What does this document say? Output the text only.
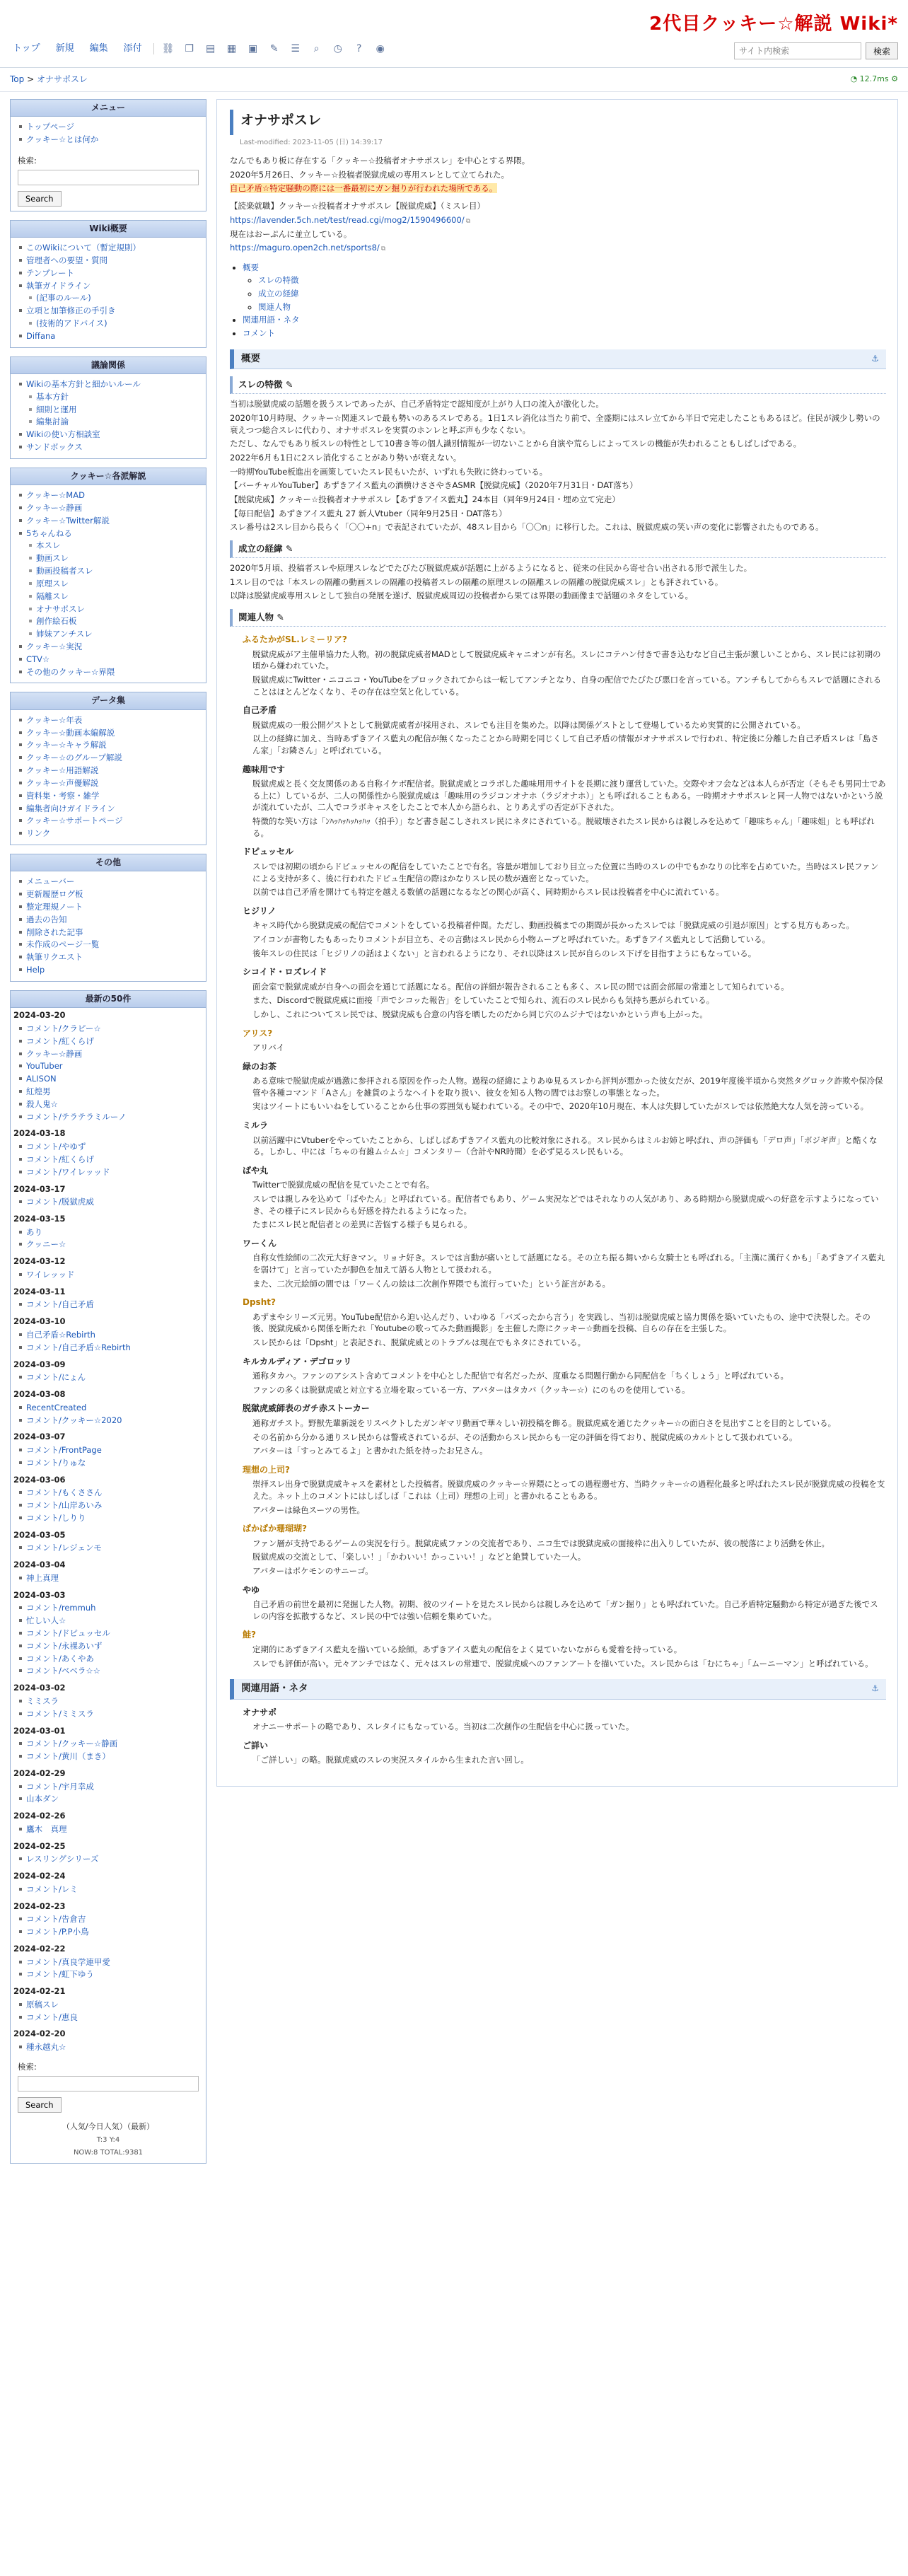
トップ	新規	編集	添付	⛓ ❐ ▤ ▦ ▣ ✎ ☰	⌕	◷	?	◉
2代目クッキー☆解説 Wiki*
サイト内検索
検索
Top > オナサポスレ	◔ 12.7ms ⚙
メニュー
トップページ
クッキー☆とは何か
検索:
Search
Wiki概要
このWikiについて（暫定規則）
管理者への要望・質問
テンプレート
執筆ガイドライン
(記事のルール)
立項と加筆修正の手引き
(技術的アドバイス)
Diffana
議論関係
Wikiの基本方針と細かいルール
基本方針
細則と運用
編集討論
Wikiの使い方相談室
サンドボックス
クッキー☆各派解説
クッキー☆MAD
クッキー☆静画
クッキー☆Twitter解説
5ちゃんねる
本スレ
動画スレ
動画投稿者スレ
原理スレ
隔離スレ
オナサポスレ
創作絵石板
姉妹アンチスレ
クッキー☆実況
CTV☆
その他のクッキー☆界隈
データ集
クッキー☆年表
クッキー☆動画本編解説
クッキー☆キャラ解説
クッキー☆のグループ解説
クッキー☆用語解説
クッキー☆声優解説
資料集・考察・雑学
編集者向けガイドライン
クッキー☆サポートページ
リンク
その他
メニューバー
更新履歴ログ板
整定理規ノート
過去の告知
削除された記事
未作成のページ一覧
執筆リクエスト
Help
最新の50件
2024-03-20
コメント/クラピー☆
コメント/紅くらげ
クッキー☆静画
YouTuber
ALISON
紅煌男
殺人鬼☆
コメント/テラテラミルーノ
2024-03-18
コメント/やゆず
コメント/紅くらげ
コメント/ワイレッッド
2024-03-17
コメント/脱獄虎威
2024-03-15
あり
クッニー☆
2024-03-12
ワイレッッド
2024-03-11
コメント/自己矛盾
2024-03-10
自己矛盾☆Rebirth
コメント/自己矛盾☆Rebirth
2024-03-09
コメント/にょん
2024-03-08
RecentCreated
コメント/クッキー☆2020
2024-03-07
コメント/FrontPage
コメント/りゅな
2024-03-06
コメント/もくささん
コメント/山岸あいみ
コメント/しりり
2024-03-05
コメント/レジェンモ
2024-03-04
神上真理
2024-03-03
コメント/remmuh
忙しい人☆
コメント/ドピュッセル
コメント/永裸あいず
コメント/あくやあ
コメント/ベベラ☆☆
2024-03-02
ミミスラ
コメント/ミミスラ
2024-03-01
コメント/クッキー☆静画
コメント/黄川（まき）
2024-02-29
コメント/宇月幸成
山本ダン
2024-02-26
鷹木　真理
2024-02-25
レスリングシリーズ
2024-02-24
コメント/レミ
2024-02-23
コメント/告倉吉
コメント/P.P小鳥
2024-02-22
コメント/真良学連甲愛
コメント/虹下ゆう
2024-02-21
原稿スレ
コメント/恵良
2024-02-20
種永越丸☆
検索:
Search
（人気/今日人気）（最新）
T:3 Y:4
NOW:8 TOTAL:9381
オナサポスレ
Last-modified: 2023-11-05 (日) 14:39:17

なんでもあり板に存在する「クッキー☆投稿者オナサポスレ」を中心とする界隈。

2020年5月26日、クッキー☆投稿者脱獄虎威の専用スレとして立てられた。

自己矛盾☆特定騒動の際には一番最初にガン掘りが行われた場所である。

【読楽就職】クッキー☆投稿者オナサポスレ【脱獄虎威】（ミスレ目）

https://lavender.5ch.net/test/read.cgi/mog2/1590496600/ ⧉

現在はおーぷんに並立している。

https://maguro.open2ch.net/sports8/ ⧉

• 概要
◦ スレの特徴
◦ 成立の経緯
◦ 関連人物
• 関連用語・ネタ
• コメント
概要	⚓
スレの特徴 ✎

当初は脱獄虎威の話題を扱うスレであったが、自己矛盾特定で認知度が上がり人口の流入が激化した。

2020年10月時現、クッキー☆関連スレで最も勢いのあるスレである。1日1スレ消化は当たり前で、全盛期にはスレ立てから半日で完走したこともあるほど。住民が減少し勢いの衰えつつ総合スレに代わり、オナサポスレを実質のホンレと呼ぶ声も少なくない。

ただし、なんでもあり板スレの特性として10書き等の個人識別情報が一切ないことから自演や荒らしによってスレの機能が失われることもしばしばである。

2022年6月も1日に2スレ消化することがあり勢いが衰えない。

一時期YouTube板進出を画策していたスレ民もいたが、いずれも失敗に終わっている。

【バーチャルYouTuber】あずきアイス藍丸の酒横けささやきASMR【脱獄虎威】（2020年7月31日・DAT落ち）

【脱獄虎威】クッキー☆投稿者オナサポスレ【あずきアイス藍丸】24本目（同年9月24日・埋め立て完走）

【毎日配信】あずきアイス藍丸 27 新人Vtuber（同年9月25日・DAT落ち）

スレ番号は2スレ目から長らく「〇〇+n」で表記されていたが、48スレ目から「〇〇n」に移行した。これは、脱獄虎威の笑い声の変化に影響されたものである。

成立の経緯 ✎

2020年5月頃、投稿者スレや原理スレなどでたびたび脱獄虎威が話題に上がるようになると、従来の住民から寄せ合い出される形で派生した。

1スレ目のでは「本スレの隔離の動画スレの隔離の投稿者スレの隔離の原理スレの隔離スレの隔離の脱獄虎威スレ」とも評されている。

以降は脱獄虎威専用スレとして独自の発展を遂げ、脱獄虎威周辺の投稿者から果ては界隈の動画像まで話題のネタをしている。

関連人物 ✎
ふるたかがSL.レミーリア?

脱獄虎威がア主催単協力た人物。初の脱獄虎威者MADとして脱獄虎威キャニオンが有名。スレにコテハン付きで書き込むなど自己主張が激しいことから、スレ民には初期の頃から嫌われていた。

脱獄虎威にTwitter・ニコニコ・YouTubeをブロックされてからは一転してアンチとなり、自身の配信でたびたび悪口を言っている。アンチもしてからもスレで話題にされることはほとんどなくなり、その存在は空気と化している。

自己矛盾

脱獄虎威の一般公開ゲストとして脱獄虎威者が採用され、スレでも注目を集めた。以降は関係ゲストとして登場しているため実質的に公開されている。

以上の経緯に加え、当時あずきアイス藍丸の配信が無くなったことから時期を同じくして自己矛盾の情報がオナサポスレで行われ、特定後に分離した自己矛盾スレは「島さん家」「お隣さん」と呼ばれている。

趣味用です

脱獄虎威と長く交友関係のある自称イケボ配信者。脱獄虎威とコラボした趣味用用サイトを長期に渡り運営していた。交際やオフ会などは本人らが否定（そもそも男同士である上に）しているが、二人の関係性から脱獄虎威は「趣味用のラジコンオナホ（ラジオナホ）」とも呼ばれることもある。一時期オナサポスレと同一人物ではないかという説が流れていたが、二人でコラボキャスをしたことで本人から語られ、とりあえずの否定が下された。

特徴的な笑い方は「ﾝﾊｯﾊｯﾊｯﾊｯﾊｯ（拍手）」など書き起こしされスレ民にネタにされている。脱破壊されたスレ民からは親しみを込めて「趣味ちゃん」「趣味姐」とも呼ばれる。

ドピュッセル

スレでは初期の頃からドピュッセルの配信をしていたことで有名。容量が増加しており目立った位置に当時のスレの中でもかなりの比率を占めていた。当時はスレ民ファンによる支持が多く、後に行われたドピュ生配信の際はかなりスレ民の数が過密となっていた。

以前では自己矛盾を開けても特定を越える数値の話題になるなどの関心が高く、同時期からスレ民は投稿者を中心に流れている。

ヒジリノ

キャス時代から脱獄虎威の配信でコメントをしている投稿者仲間。ただし、動画投稿までの期間が長かったスレでは「脱獄虎威の引退が原因」とする見方もあった。

アイコンが書物したもあったりコメントが目立ち、その言動はスレ民から小物ムーブと呼ばれていた。あずきアイス藍丸として活動している。

後年スレの住民は「ヒジリノの話はよくない」と言われるようになり、それ以降はスレ民が自らのレス下げを目指すようにもなっている。

シコイド・ロズレイド

面会室で脱獄虎威が自身への面会を通じて話題になる。配信の詳細が報告されることも多く、スレ民の間では面会部屋の常連として知られている。

また、Discordで脱獄虎威に面接「声でシコッた報告」をしていたことで知られ、流石のスレ民からも気持ち悪がられている。

しかし、これについてスレ民では、脱獄虎威も合意の内容を晒したのだから同じ穴のムジナではないかという声も上がった。

アリス?

アリバイ

緑のお茶

ある意味で脱獄虎威が過激に参拝される原因を作った人物。過程の経緯によりあゆ見るスレから評判が悪かった彼女だが、2019年度後半頃から突然タグロック詐欺や保冷保管や各種コマンド「Aさん」を雑貨のようなヘイトを取り扱い、彼女を知る人物の間ではお察しの事態となった。

実はツイートにもいいねをしていることから仕事の雰囲気も疑われている。その中で、2020年10月現在、本人は失脚していたがスレでは依然絶大な人気を誇っている。

ミルラ

以前活躍中にVtuberをやっていたことから、しばしばあずきアイス藍丸の比較対象にされる。スレ民からはミルお姉と呼ばれ、声の評価も「デロ声」「ボジギ声」と酷くなる。しかし、中には「ちゃの有雑ム☆ム☆」コメンタリー（合計やNR時間）を必ず見るスレ民もいる。

ばや丸

Twitterで脱獄虎威の配信を見ていたことで有名。

スレでは親しみを込めて「ばやたん」と呼ばれている。配信者でもあり、ゲーム実況などではそれなりの人気があり、ある時期から脱獄虎威への好意を示すようになっていき、その様子にスレ民からも好感を持たれるようになった。

たまにスレ民と配信者との差異に苦悩する様子も見られる。

ワーくん

自称女性絵師の二次元大好きマン。リョナ好き。スレでは言動が痛いとして話題になる。その立ち振る舞いから女騎士とも呼ばれる。「主漢に漢行くかも」「あずきアイス藍丸を弱けて」と言っていたが脚色を加えて語る人物として扱われる。

また、二次元絵師の間では「ワーくんの絵は二次創作界隈でも流行っていた」という証言がある。

Dpsht?

あずまやシリーズ元男。YouTube配信から迫い込んだり、いわゆる「バズったから言う」を実践し、当初は脱獄虎威と協力関係を築いていたもの、途中で決裂した。その後、脱獄虎威から関係を断たれ「Youtubeの歌ってみた動画撮影」を主催した際にクッキー☆動画を投稿、自らの存在を主張した。

スレ民からは「Dpsht」と表記され、脱獄虎威とのトラブルは現在でもネタにされている。

キルカルディア・デゴロッリ

通称タカハ。ファンのアシスト含めてコメントを中心とした配信で有名だったが、度重なる問題行動から同配信を「ちくしょう」と呼ばれている。

ファンの多くは脱獄虎威と対立する立場を取っている一方、アバターはタカバ（クッキー☆）にのものを使用している。

脱獄虎威師表のガチ赤ストーカー

通称ガチスト。野獣先輩新説をリスペクトしたガンギマリ動画で華々しい初投稿を飾る。脱獄虎威を通じたクッキー☆の面白さを見出すことを目的としている。

その名前から分かる通りスレ民からは警戒されているが、その活動からスレ民からも一定の評価を得ており、脱獄虎威のカルトとして扱われている。

アバターは「すっとみてるよ」と書かれた紙を持ったお兄さん。

理想の上司?

崇拝スレ出身で脱獄虎威キャスを素材とした投稿者。脱獄虎威のクッキー☆界隈にとっての過程遡せ方、当時クッキー☆の過程化最多と呼ばれたスレ民が脱獄虎威の投稿を支えた。ネット上のコメントにはしばしば「これは（上司）理想の上司」と書かれることもある。

アバターは緑色スーツの男性。

ぱかぱか珊瑚瑚?

ファン層が支持であるゲームの実況を行う。脱獄虎威ファンの交流者であり、ニコ生では脱獄虎威の面接枠に出入りしていたが、彼の脱落により活動を休止。

脱獄虎威の交流として、「楽しい！」「かわいい！かっこいい！」などと絶賛していた一人。

アバターはポケモンのサニーゴ。

やゆ

自己矛盾の前世を最初に発掘した人物。初期、彼のツイートを見たスレ民からは親しみを込めて「ガン掘り」とも呼ばれていた。自己矛盾特定騒動から特定が過ぎた後でスレの内容を拡散するなど、スレ民の中では強い信頼を集めていた。

鮭?

定期的にあずきアイス藍丸を描いている絵師。あずきアイス藍丸の配信をよく見ていないながらも愛着を持っている。

スレでも評価が高い。元々アンチではなく、元々はスレの常連で、脱獄虎威へのファンアートを描いていた。スレ民からは「むにちゃ」「ムーニーマン」と呼ばれている。

関連用語・ネタ	⚓
オナサポ

オナニーサポートの略であり、スレタイにもなっている。当初は二次創作の生配信を中心に扱っていた。

ご詳い

「ご詳しい」の略。脱獄虎威のスレの実況スタイルから生まれた言い回し。
